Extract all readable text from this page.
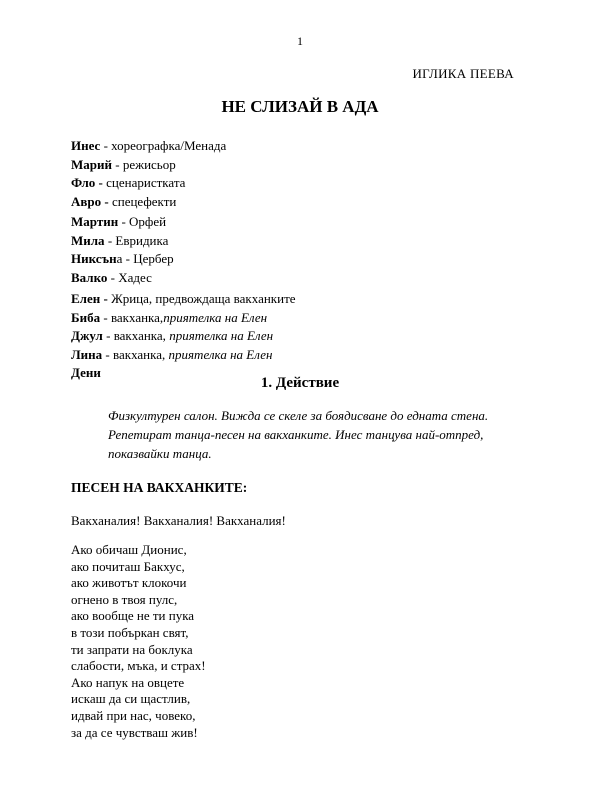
1
ИГЛИКА ПЕЕВА
НЕ СЛИЗАЙ В АДА
Инес - хореографка/Менада
Марий - режисьор
Фло - сценаристката
Авро - спецефекти
Мартин - Орфей
Мила - Евридика
Никсъна - Цербер
Валко - Хадес
Елен - Жрица, предвождаща вакханките
Биба - вакханка,приятелка на Елен
Джул - вакханка, приятелка на Елен
Лина - вакханка, приятелка на Елен
Дени
1. Действие
Физкултурен салон. Вижда се скеле за боядисване до едната стена. Репетират танца-песен на вакханките. Инес танцува най-отпред, показвайки танца.
ПЕСЕН НА ВАКХАНКИТЕ:
Вакханалия! Вакханалия! Вакханалия!
Ако обичаш Дионис,
ако почиташ Бакхус,
ако животът клокочи
огнено в твоя пулс,
ако вообще не ти пука
в този побъркан свят,
ти запрати на боклука
слабости, мъка, и страх!
Ако напук на овцете
искаш да си щастлив,
идвай при нас, човеко,
за да се чувстваш жив!
